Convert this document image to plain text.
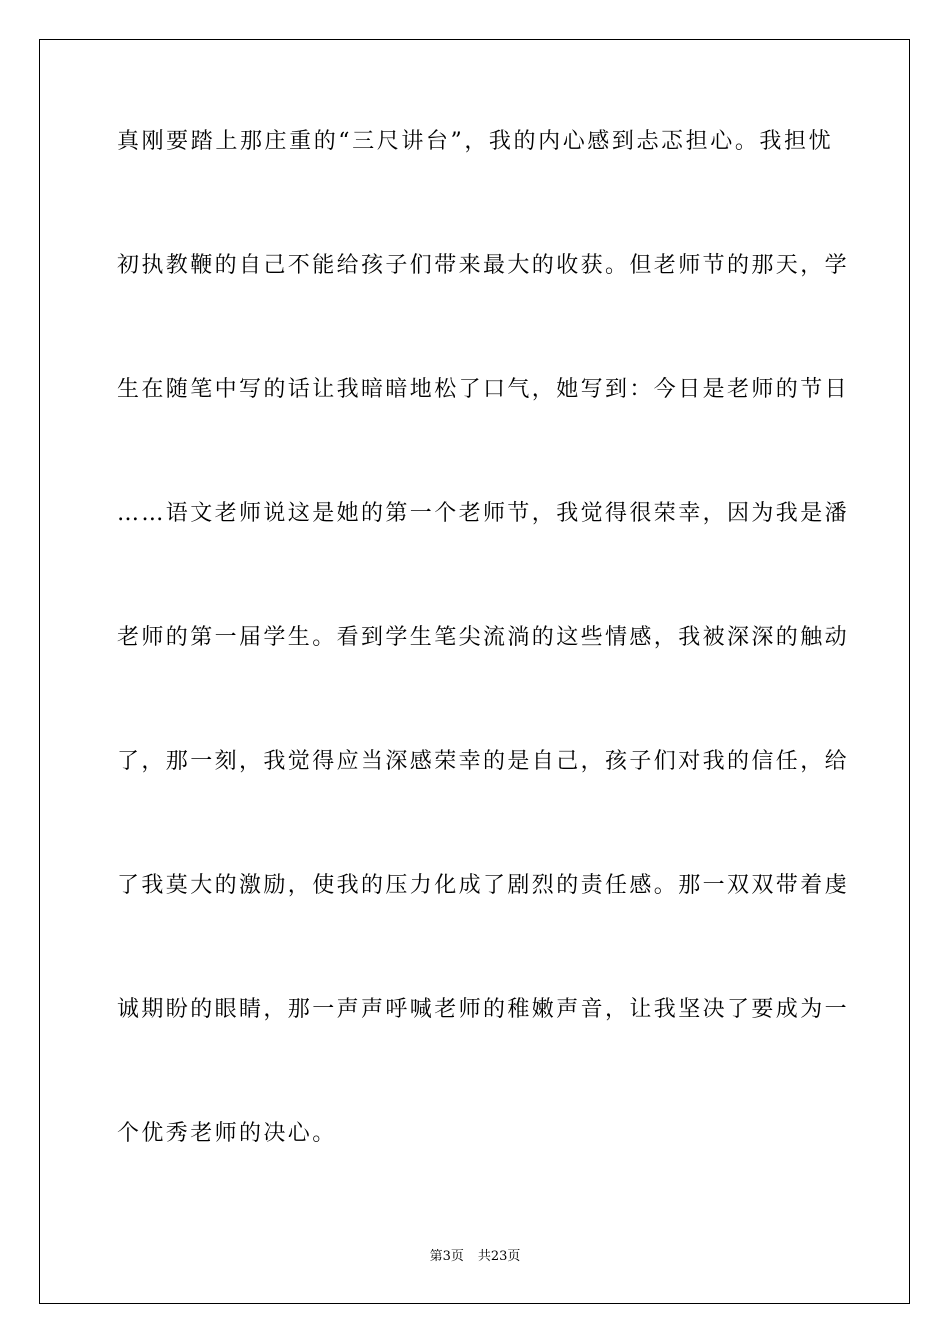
真刚要踏上那庄重的“三尺讲台”，我的内心感到忐忑担心。我担忧
初执教鞭的自己不能给孩子们带来最大的收获。但老师节的那天，学
生在随笔中写的话让我暗暗地松了口气，她写到：今日是老师的节日
……语文老师说这是她的第一个老师节，我觉得很荣幸，因为我是潘
老师的第一届学生。看到学生笔尖流淌的这些情感，我被深深的触动
了，那一刻，我觉得应当深感荣幸的是自己，孩子们对我的信任，给
了我莫大的激励，使我的压力化成了剧烈的责任感。那一双双带着虔
诚期盼的眼睛，那一声声呼喊老师的稚嫩声音，让我坚决了要成为一
个优秀老师的决心。
第3页 共23页
